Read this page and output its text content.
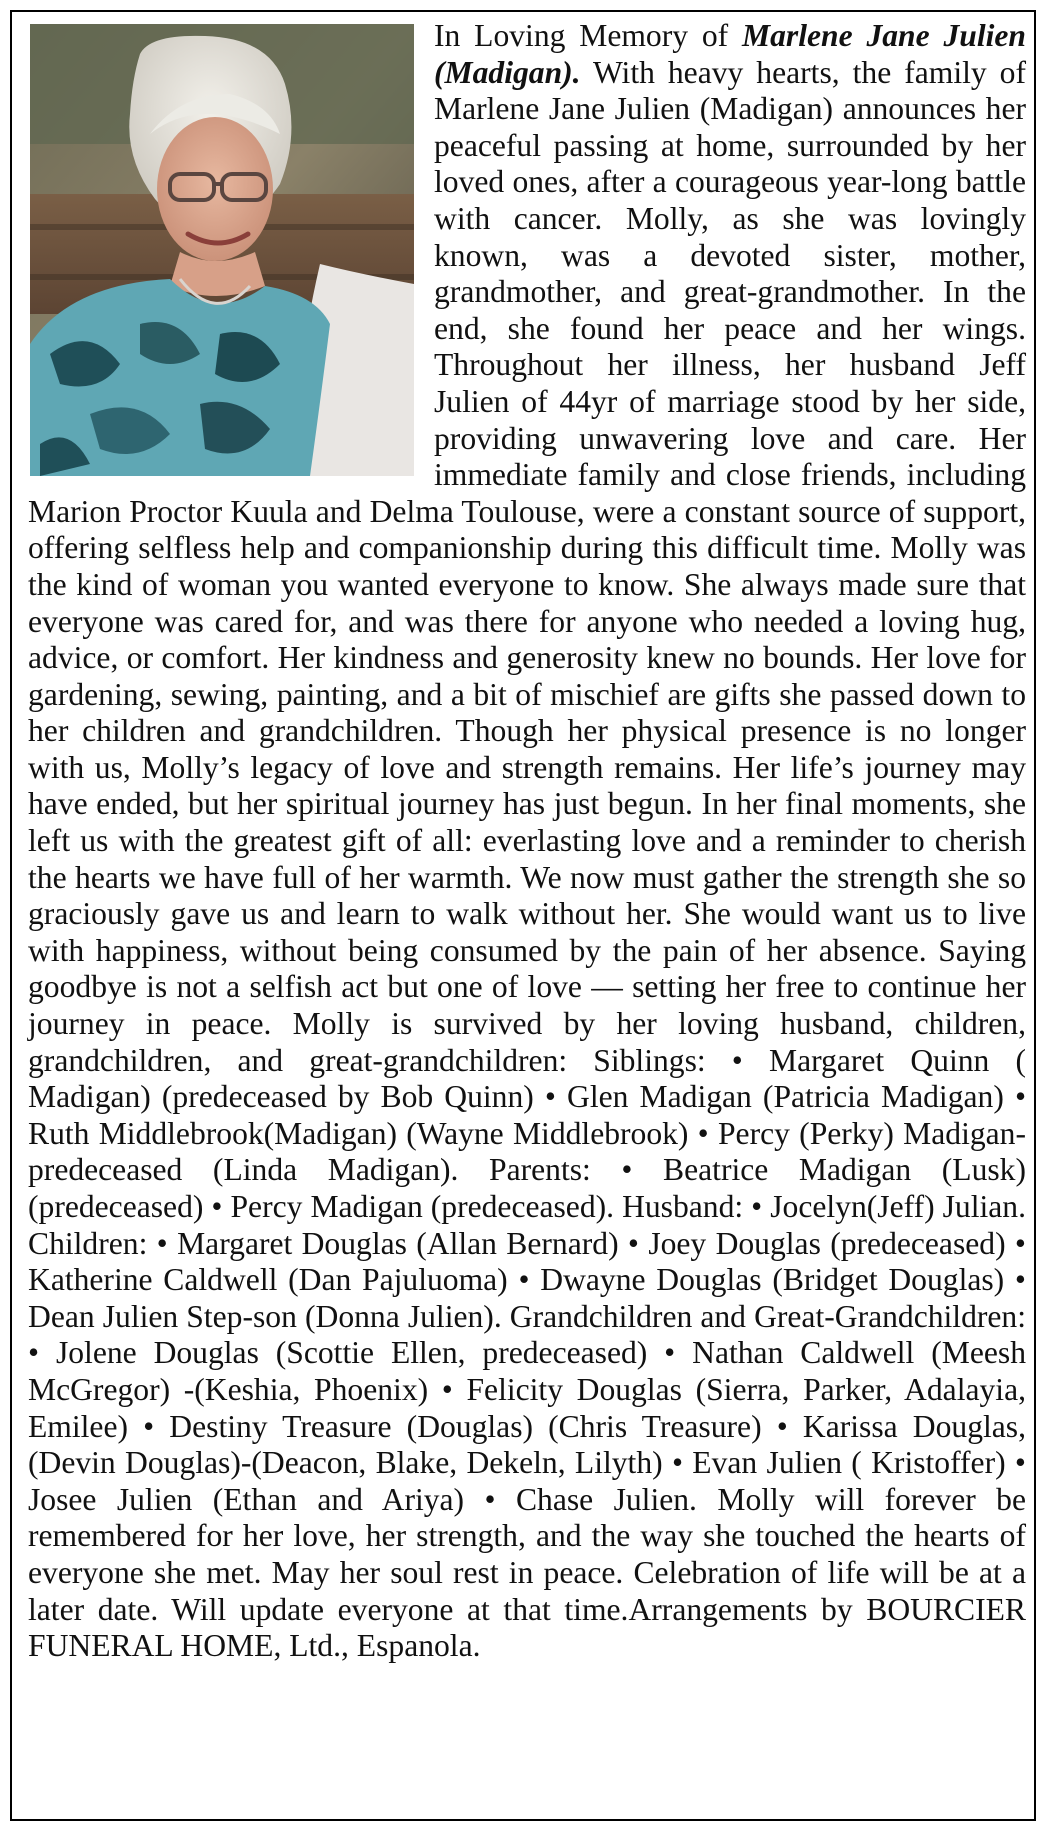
In Loving Memory of Marlene Jane Julien (Madigan). With heavy hearts, the family of Marlene Jane Julien (Madigan) announces her peaceful passing at home, surrounded by her loved ones, after a courageous year-long battle with cancer. Molly, as she was lovingly known, was a devoted sister, mother, grandmother, and great-grandmother. In the end, she found her peace and her wings. Throughout her illness, her husband Jeff Julien of 44yr of marriage stood by her side, providing unwavering love and care. Her immediate family and close friends, including Marion Proctor Kuula and Delma Toulouse, were a constant source of support, offering selfless help and companionship during this difficult time. Molly was the kind of woman you wanted everyone to know. She always made sure that everyone was cared for, and was there for anyone who needed a loving hug, advice, or comfort. Her kindness and generosity knew no bounds. Her love for gardening, sewing, painting, and a bit of mischief are gifts she passed down to her children and grandchildren. Though her physical presence is no longer with us, Molly’s legacy of love and strength remains. Her life’s journey may have ended, but her spiritual journey has just begun. In her final moments, she left us with the greatest gift of all: everlasting love and a reminder to cherish the hearts we have full of her warmth. We now must gather the strength she so graciously gave us and learn to walk without her. She would want us to live with happiness, without being consumed by the pain of her absence. Saying goodbye is not a selfish act but one of love — setting her free to continue her journey in peace. Molly is survived by her loving husband, children, grandchildren, and great-grandchildren: Siblings: • Margaret Quinn ( Madigan) (predeceased by Bob Quinn) • Glen Madigan (Patricia Madigan) • Ruth Middlebrook(Madigan) (Wayne Middlebrook) • Percy (Perky) Madigan-predeceased (Linda Madigan). Parents: • Beatrice Madigan (Lusk) (predeceased) • Percy Madigan (predeceased). Husband: • Jocelyn(Jeff) Julian. Children: • Margaret Douglas (Allan Bernard) • Joey Douglas (predeceased) • Katherine Caldwell (Dan Pajuluoma) • Dwayne Douglas (Bridget Douglas) • Dean Julien Step-son (Donna Julien). Grandchildren and Great-Grandchildren: • Jolene Douglas (Scottie Ellen, predeceased) • Nathan Caldwell (Meesh McGregor) -(Keshia, Phoenix) • Felicity Douglas (Sierra, Parker, Adalayia, Emilee) • Destiny Treasure (Douglas) (Chris Treasure) • Karissa Douglas, (Devin Douglas)-(Deacon, Blake, Dekeln, Lilyth) • Evan Julien ( Kristoffer) • Josee Julien (Ethan and Ariya) • Chase Julien. Molly will forever be remembered for her love, her strength, and the way she touched the hearts of everyone she met. May her soul rest in peace. Celebration of life will be at a later date. Will update everyone at that time.Arrangements by BOURCIER FUNERAL HOME, Ltd., Espanola.
